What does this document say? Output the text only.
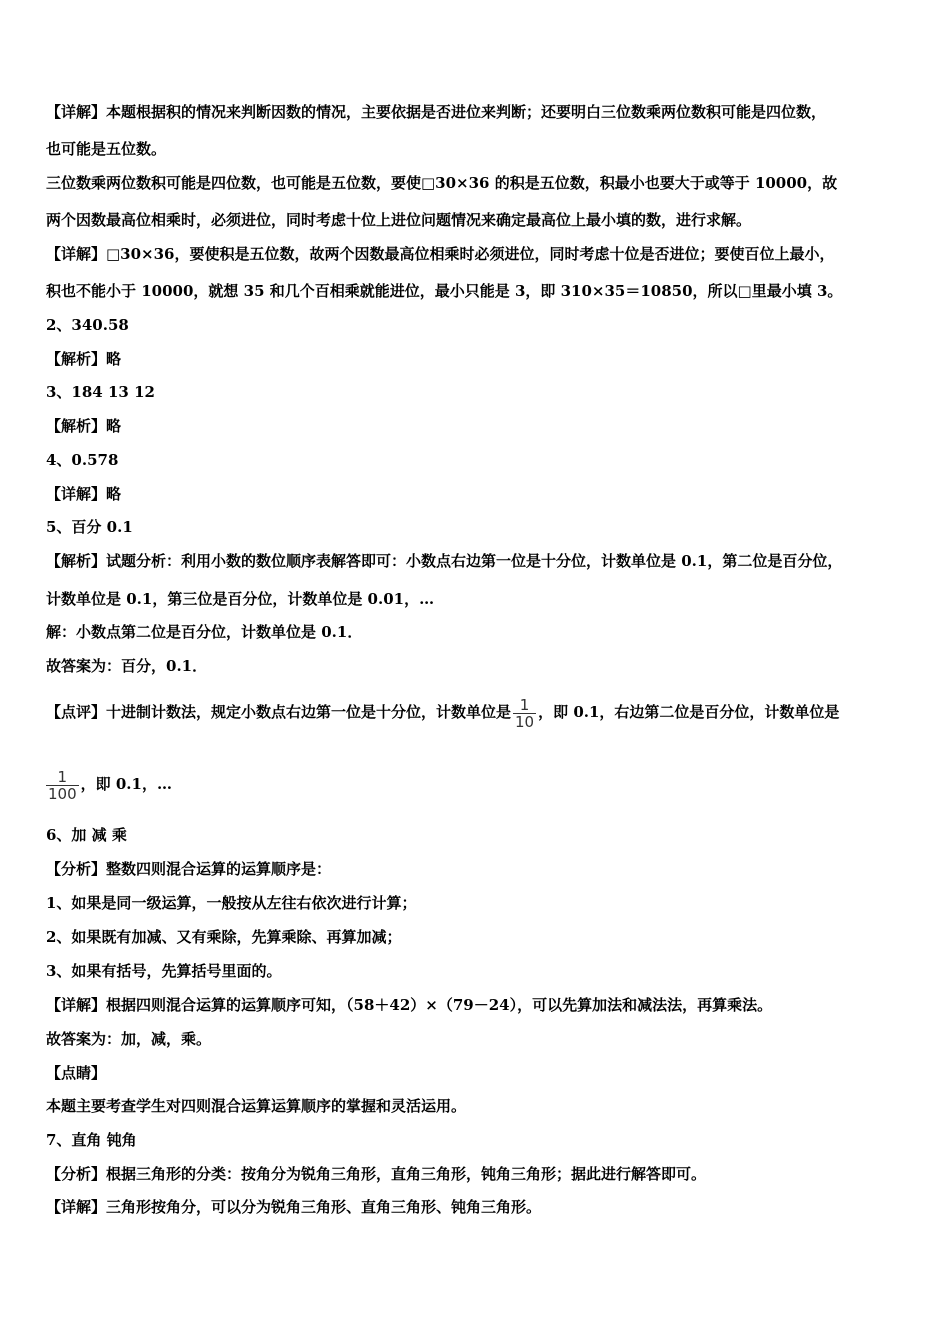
【详解】本题根据积的情况来判断因数的情况，主要依据是否进位来判断；还要明白三位数乘两位数积可能是四位数，
也可能是五位数。
三位数乘两位数积可能是四位数，也可能是五位数，要使□30×36 的积是五位数，积最小也要大于或等于 10000，故
两个因数最高位相乘时，必须进位，同时考虑十位上进位问题情况来确定最高位上最小填的数，进行求解。
【详解】□30×36，要使积是五位数，故两个因数最高位相乘时必须进位，同时考虑十位是否进位；要使百位上最小，
积也不能小于 10000，就想 35 和几个百相乘就能进位，最小只能是 3，即 310×35＝10850，所以□里最小填 3。
2、340.58
【解析】略
3、184 13 12
【解析】略
4、0.578
【详解】略
5、百分 0.1
【解析】试题分析：利用小数的数位顺序表解答即可：小数点右边第一位是十分位，计数单位是 0.1，第二位是百分位，
计数单位是 0.1，第三位是百分位，计数单位是 0.01，…
解：小数点第二位是百分位，计数单位是 0.1．
故答案为：百分，0.1．
【点评】十进制计数法，规定小数点右边第一位是十分位，计数单位是 $\frac{1}{10}$ ，即 0.1，右边第二位是百分位，计数单位是
$\frac{1}{100}$ ，即 0.1，…
6、加 减 乘
【分析】整数四则混合运算的运算顺序是：
1、如果是同一级运算，一般按从左往右依次进行计算；
2、如果既有加减、又有乘除，先算乘除、再算加减；
3、如果有括号，先算括号里面的。
【详解】根据四则混合运算的运算顺序可知，（58＋42）×（79－24），可以先算加法和减法法，再算乘法。
故答案为：加，减，乘。
【点睛】
本题主要考查学生对四则混合运算运算顺序的掌握和灵活运用。
7、直角 钝角
【分析】根据三角形的分类：按角分为锐角三角形，直角三角形，钝角三角形；据此进行解答即可。
【详解】三角形按角分，可以分为锐角三角形、直角三角形、钝角三角形。
